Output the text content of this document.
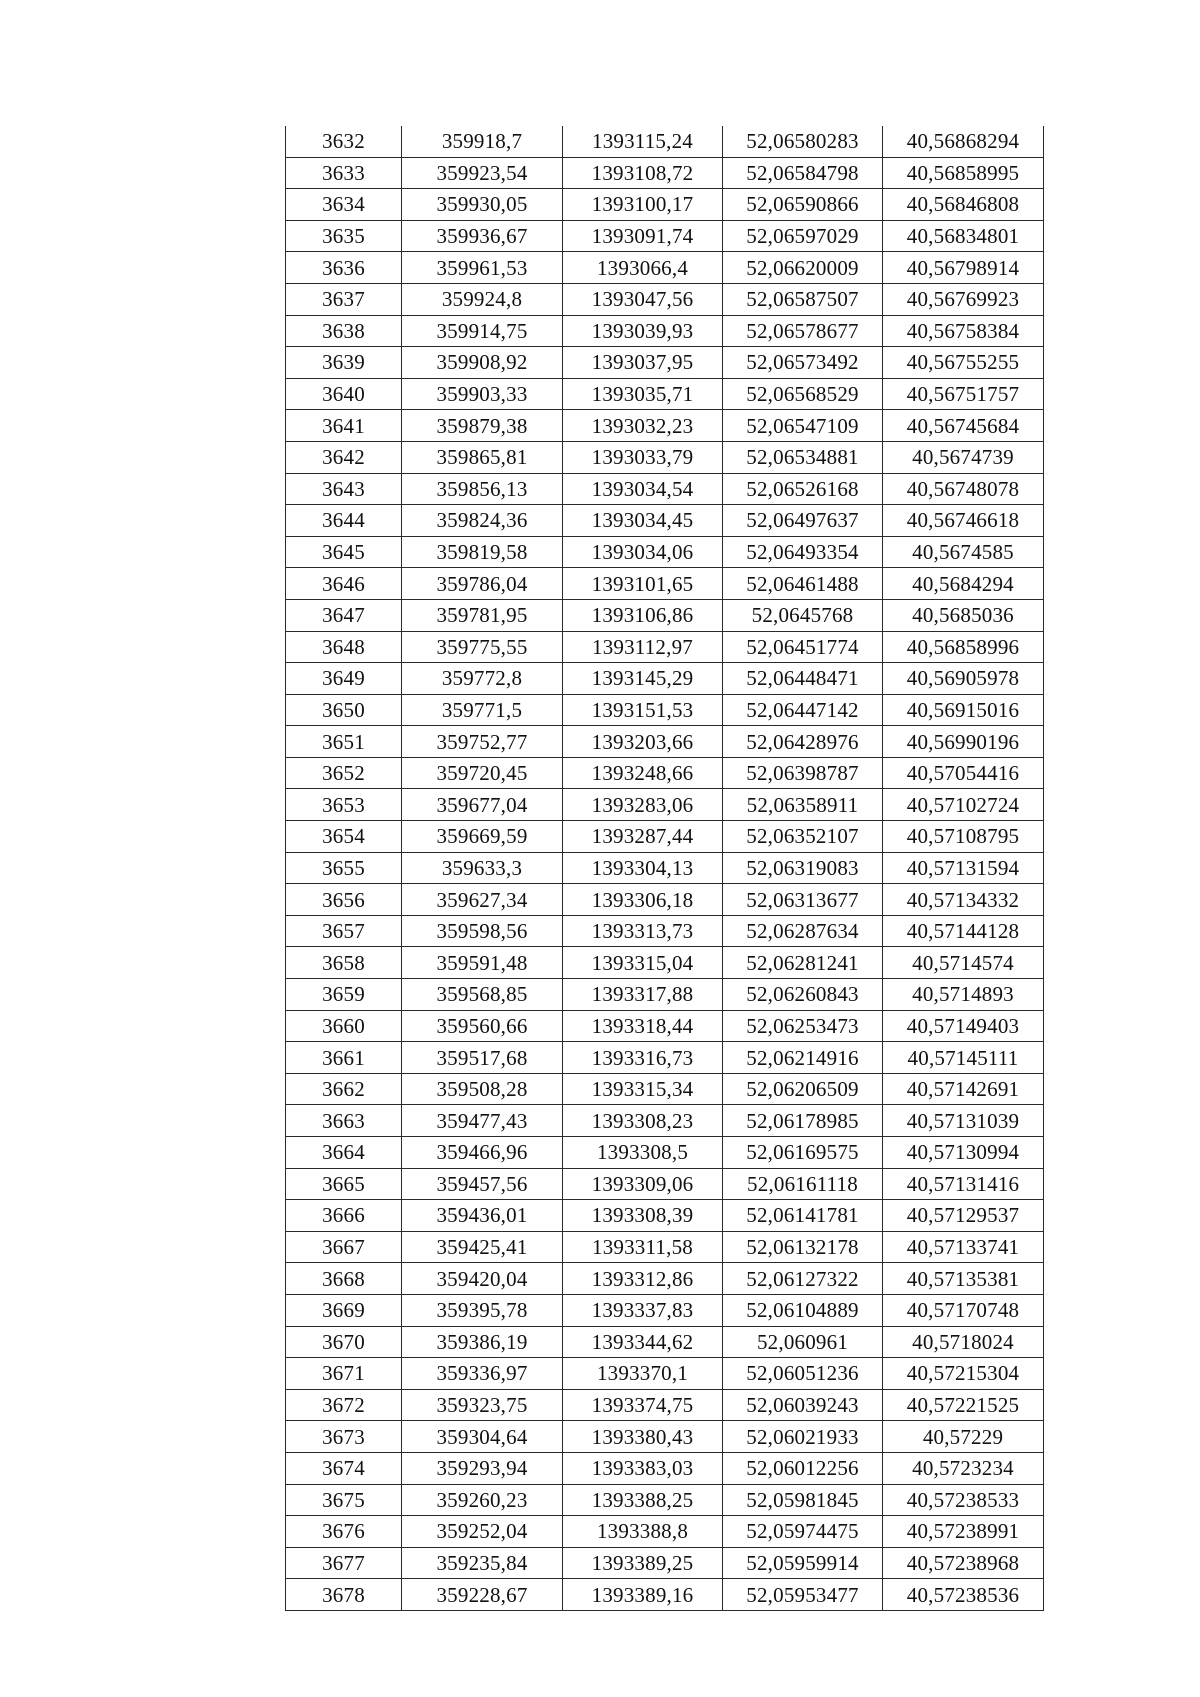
3632	359918,7	1393115,24	52,06580283	40,56868294
3633	359923,54	1393108,72	52,06584798	40,56858995
3634	359930,05	1393100,17	52,06590866	40,56846808
3635	359936,67	1393091,74	52,06597029	40,56834801
3636	359961,53	1393066,4	52,06620009	40,56798914
3637	359924,8	1393047,56	52,06587507	40,56769923
3638	359914,75	1393039,93	52,06578677	40,56758384
3639	359908,92	1393037,95	52,06573492	40,56755255
3640	359903,33	1393035,71	52,06568529	40,56751757
3641	359879,38	1393032,23	52,06547109	40,56745684
3642	359865,81	1393033,79	52,06534881	40,5674739
3643	359856,13	1393034,54	52,06526168	40,56748078
3644	359824,36	1393034,45	52,06497637	40,56746618
3645	359819,58	1393034,06	52,06493354	40,5674585
3646	359786,04	1393101,65	52,06461488	40,5684294
3647	359781,95	1393106,86	52,0645768	40,5685036
3648	359775,55	1393112,97	52,06451774	40,56858996
3649	359772,8	1393145,29	52,06448471	40,56905978
3650	359771,5	1393151,53	52,06447142	40,56915016
3651	359752,77	1393203,66	52,06428976	40,56990196
3652	359720,45	1393248,66	52,06398787	40,57054416
3653	359677,04	1393283,06	52,06358911	40,57102724
3654	359669,59	1393287,44	52,06352107	40,57108795
3655	359633,3	1393304,13	52,06319083	40,57131594
3656	359627,34	1393306,18	52,06313677	40,57134332
3657	359598,56	1393313,73	52,06287634	40,57144128
3658	359591,48	1393315,04	52,06281241	40,5714574
3659	359568,85	1393317,88	52,06260843	40,5714893
3660	359560,66	1393318,44	52,06253473	40,57149403
3661	359517,68	1393316,73	52,06214916	40,57145111
3662	359508,28	1393315,34	52,06206509	40,57142691
3663	359477,43	1393308,23	52,06178985	40,57131039
3664	359466,96	1393308,5	52,06169575	40,57130994
3665	359457,56	1393309,06	52,06161118	40,57131416
3666	359436,01	1393308,39	52,06141781	40,57129537
3667	359425,41	1393311,58	52,06132178	40,57133741
3668	359420,04	1393312,86	52,06127322	40,57135381
3669	359395,78	1393337,83	52,06104889	40,57170748
3670	359386,19	1393344,62	52,060961	40,5718024
3671	359336,97	1393370,1	52,06051236	40,57215304
3672	359323,75	1393374,75	52,06039243	40,57221525
3673	359304,64	1393380,43	52,06021933	40,57229
3674	359293,94	1393383,03	52,06012256	40,5723234
3675	359260,23	1393388,25	52,05981845	40,57238533
3676	359252,04	1393388,8	52,05974475	40,57238991
3677	359235,84	1393389,25	52,05959914	40,57238968
3678	359228,67	1393389,16	52,05953477	40,57238536
